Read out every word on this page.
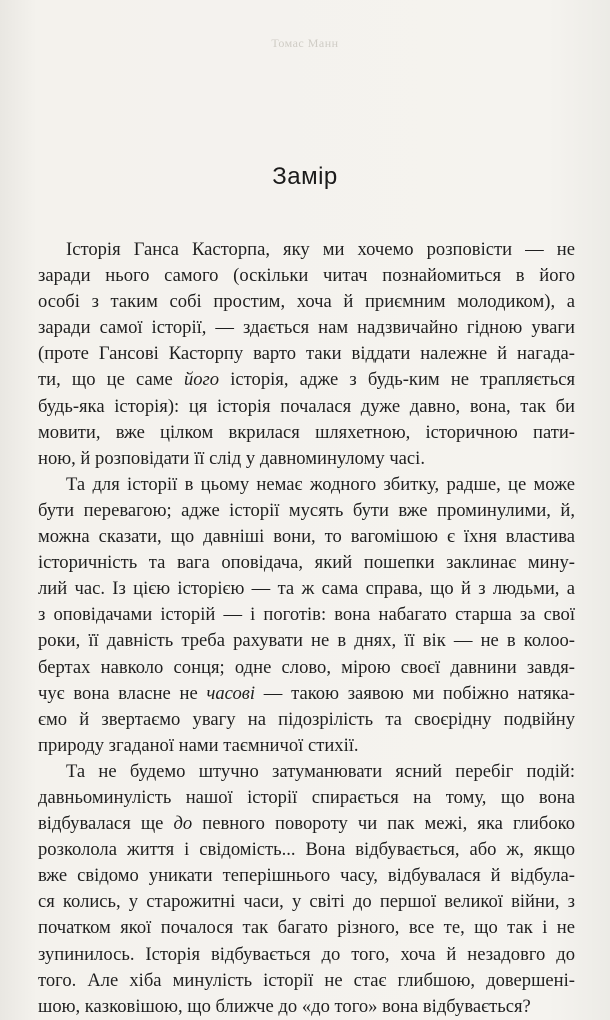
Томас Манн
Замір
Історія Ганса Касторпа, яку ми хочемо розповісти — не
заради нього самого (оскільки читач познайомиться в його
особі з таким собі простим, хоча й приємним молодиком), а
заради самої історії, — здається нам надзвичайно гідною уваги
(проте Гансові Касторпу варто таки віддати належне й нагада-
ти, що це саме його історія, адже з будь-ким не трапляється
будь-яка історія): ця історія почалася дуже давно, вона, так би
мовити, вже цілком вкрилася шляхетною, історичною пати-
ною, й розповідати її слід у давноминулому часі.
Та для історії в цьому немає жодного збитку, радше, це може
бути перевагою; адже історії мусять бути вже проминулими, й,
можна сказати, що давніші вони, то вагомішою є їхня властива
історичність та вага оповідача, який пошепки заклинає мину-
лий час. Із цією історією — та ж сама справа, що й з людьми, а
з оповідачами історій — і поготів: вона набагато старша за свої
роки, її давність треба рахувати не в днях, її вік — не в колоо-
бертах навколо сонця; одне слово, мірою своєї давнини завдя-
чує вона власне не часові — такою заявою ми побіжно натяка-
ємо й звертаємо увагу на підозрілість та своєрідну подвійну
природу згаданої нами таємничої стихії.
Та не будемо штучно затуманювати ясний перебіг подій:
давньоминулість нашої історії спирається на тому, що вона
відбувалася ще до певного повороту чи пак межі, яка глибоко
розколола життя і свідомість... Вона відбувається, або ж, якщо
вже свідомо уникати теперішнього часу, відбувалася й відбула-
ся колись, у старожитні часи, у світі до першої великої війни, з
початком якої почалося так багато різного, все те, що так і не
зупинилось. Історія відбувається до того, хоча й незадовго до
того. Але хіба минулість історії не стає глибшою, довершені-
шою, казковішою, що ближче до «до того» вона відбувається?
